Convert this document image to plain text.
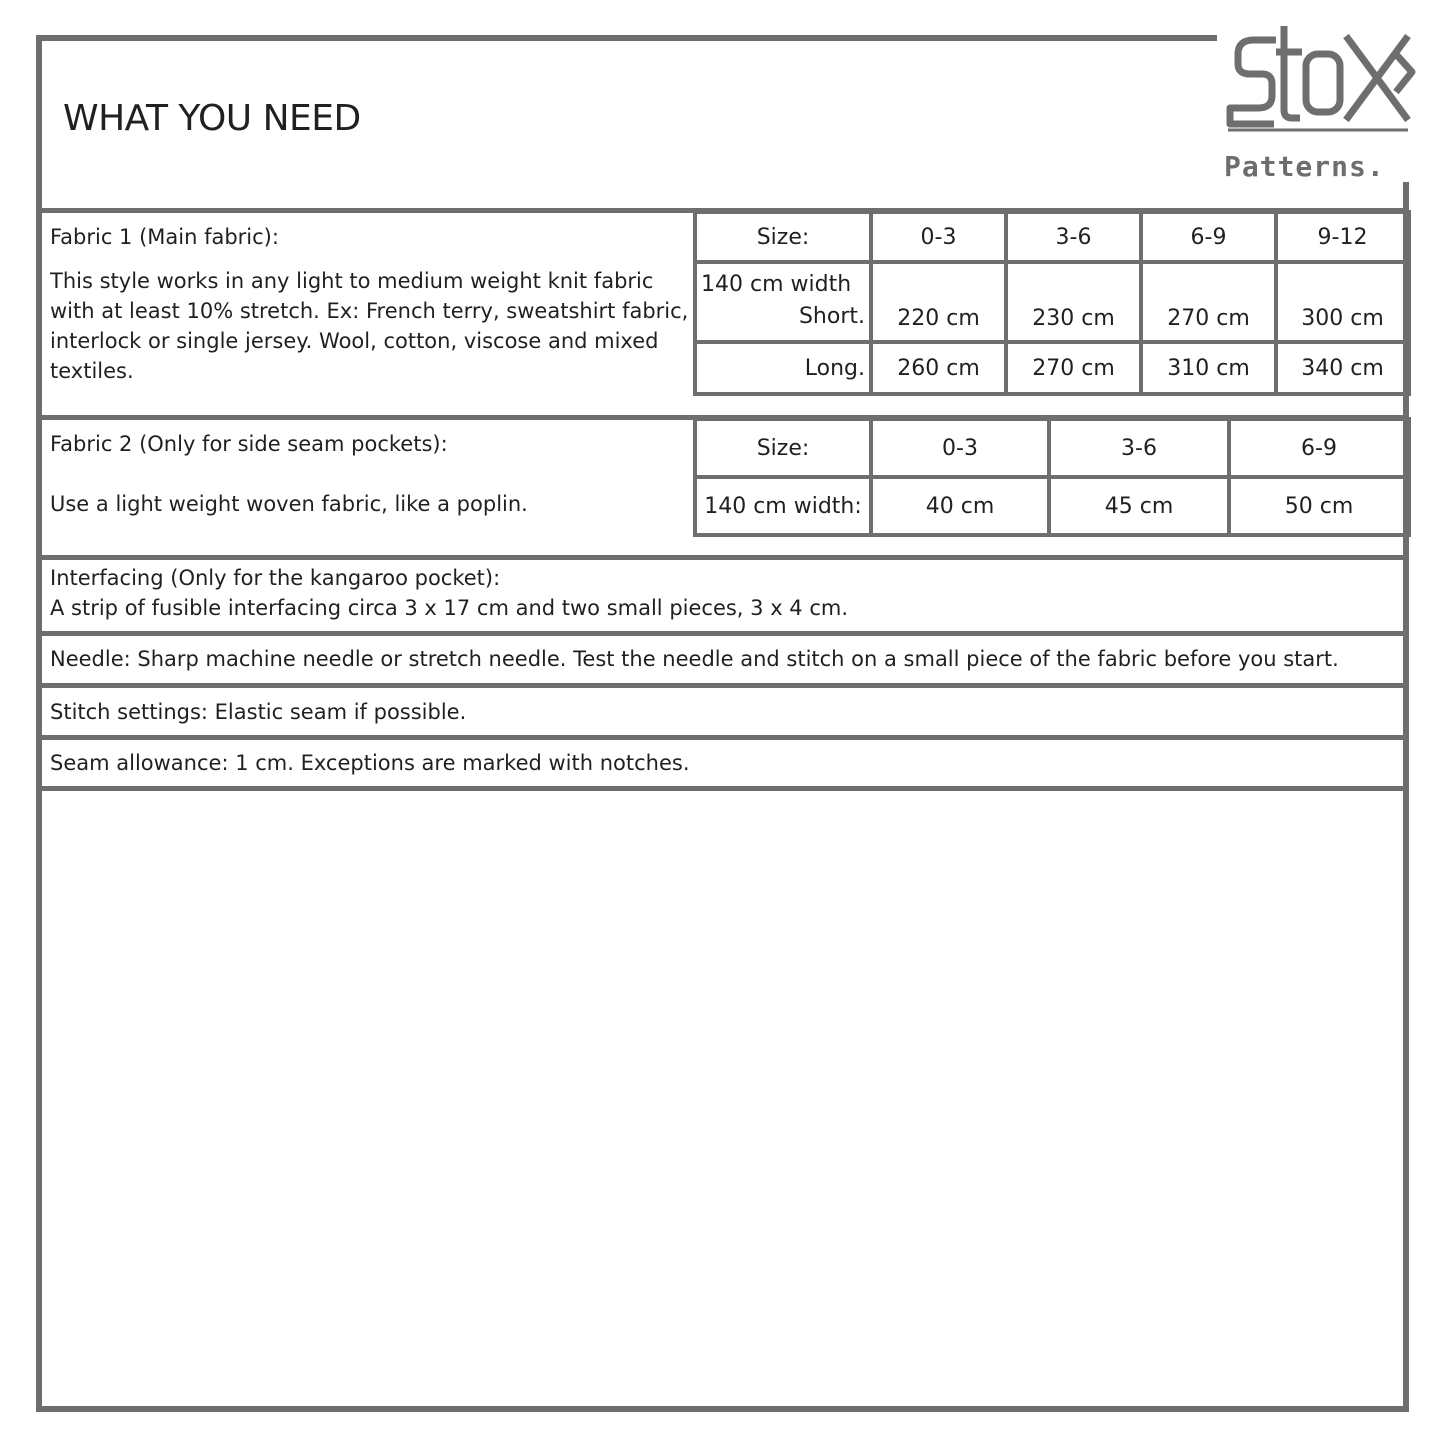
WHAT YOU NEED
Patterns.
Fabric 1 (Main fabric):
This style works in any light to medium weight knit fabric with at least 10% stretch. Ex: French terry, sweatshirt fabric, interlock or single jersey. Wool, cotton, viscose and mixed textiles.
Size:	0-3	3-6	6-9	9-12

140 cm width
Short.	220 cm	230 cm	270 cm	300 cm
Long.	260 cm	270 cm	310 cm	340 cm
Fabric 2 (Only for side seam pockets):
Use a light weight woven fabric, like a poplin.
Size:	0-3	3-6	6-9
140 cm width:	40 cm	45 cm	50 cm
Interfacing (Only for the kangaroo pocket):
A strip of fusible interfacing circa 3 x 17 cm and two small pieces, 3 x 4 cm.
Needle: Sharp machine needle or stretch needle. Test the needle and stitch on a small piece of the fabric before you start.
Stitch settings: Elastic seam if possible.
Seam allowance: 1 cm. Exceptions are marked with notches.
